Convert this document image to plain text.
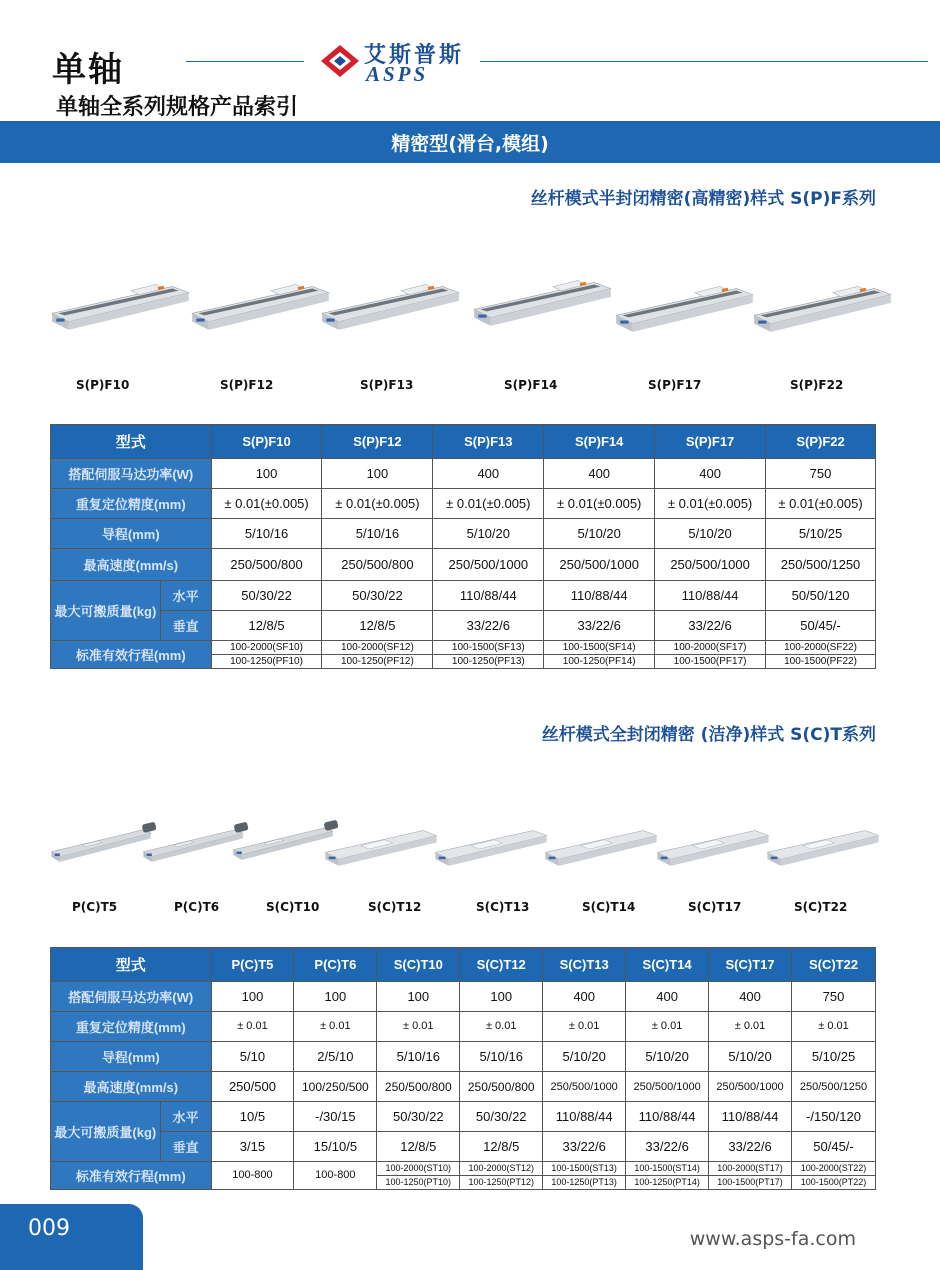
单轴
单轴全系列规格产品索引
艾斯普斯
ASPS
精密型(滑台,模组)
丝杆模式半封闭精密(高精密)样式 S(P)F系列
S(P)F10	S(P)F12	S(P)F13	S(P)F14	S(P)F17	S(P)F22
型式		S(P)F10	S(P)F12	S(P)F13	S(P)F14	S(P)F17	S(P)F22
搭配伺服马达功率(W)		100	100	400	400	400	750
重复定位精度(mm)		± 0.01(±0.005)	± 0.01(±0.005)	± 0.01(±0.005)	± 0.01(±0.005)	± 0.01(±0.005)	± 0.01(±0.005)
导程(mm)		5/10/16	5/10/16	5/10/20	5/10/20	5/10/20	5/10/25
最高速度(mm/s)		250/500/800	250/500/800	250/500/1000	250/500/1000	250/500/1000	250/500/1250
最大可搬质量(kg)	水平	50/30/22	50/30/22	110/88/44	110/88/44	110/88/44	50/50/120
	垂直	12/8/5	12/8/5	33/22/6	33/22/6	33/22/6	50/45/-
标准有效行程(mm)		100-2000(SF10)	100-2000(SF12)	100-1500(SF13)	100-1500(SF14)	100-2000(SF17)	100-2000(SF22)
		100-1250(PF10)	100-1250(PF12)	100-1250(PF13)	100-1250(PF14)	100-1500(PF17)	100-1500(PF22)
丝杆模式全封闭精密 (洁净)样式 S(C)T系列
P(C)T5	P(C)T6	S(C)T10	S(C)T12	S(C)T13	S(C)T14	S(C)T17	S(C)T22
型式		P(C)T5	P(C)T6	S(C)T10	S(C)T12	S(C)T13	S(C)T14	S(C)T17	S(C)T22
搭配伺服马达功率(W)		100	100	100	100	400	400	400	750
重复定位精度(mm)		± 0.01	± 0.01	± 0.01	± 0.01	± 0.01	± 0.01	± 0.01	± 0.01
导程(mm)		5/10	2/5/10	5/10/16	5/10/16	5/10/20	5/10/20	5/10/20	5/10/25
最高速度(mm/s)		250/500	100/250/500	250/500/800	250/500/800	250/500/1000	250/500/1000	250/500/1000	250/500/1250
最大可搬质量(kg)	水平	10/5	-/30/15	50/30/22	50/30/22	110/88/44	110/88/44	110/88/44	-/150/120
	垂直	3/15	15/10/5	12/8/5	12/8/5	33/22/6	33/22/6	33/22/6	50/45/-
标准有效行程(mm)		100-800	100-800	100-2000(ST10)	100-2000(ST12)	100-1500(ST13)	100-1500(ST14)	100-2000(ST17)	100-2000(ST22)
				100-1250(PT10)	100-1250(PT12)	100-1250(PT13)	100-1250(PT14)	100-1500(PT17)	100-1500(PT22)
009	www.asps-fa.com
